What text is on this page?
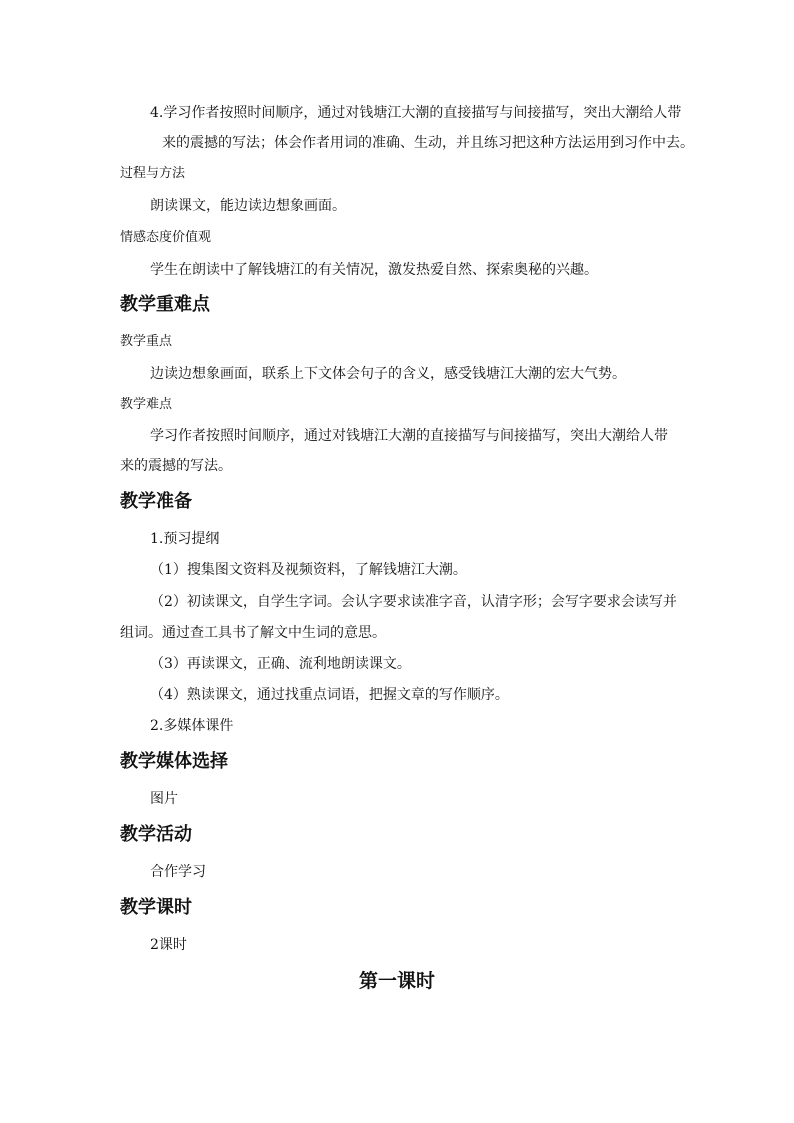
4.学习作者按照时间顺序，通过对钱塘江大潮的直接描写与间接描写，突出大潮给人带
来的震撼的写法；体会作者用词的准确、生动，并且练习把这种方法运用到习作中去。
过程与方法
朗读课文，能边读边想象画面。
情感态度价值观
学生在朗读中了解钱塘江的有关情况，激发热爱自然、探索奥秘的兴趣。
教学重难点
教学重点
边读边想象画面，联系上下文体会句子的含义，感受钱塘江大潮的宏大气势。
教学难点
学习作者按照时间顺序，通过对钱塘江大潮的直接描写与间接描写，突出大潮给人带
来的震撼的写法。
教学准备
1.预习提纲
（1）搜集图文资料及视频资料，了解钱塘江大潮。
（2）初读课文，自学生字词。会认字要求读准字音，认清字形；会写字要求会读写并
组词。通过查工具书了解文中生词的意思。
（3）再读课文，正确、流利地朗读课文。
（4）熟读课文，通过找重点词语，把握文章的写作顺序。
2.多媒体课件
教学媒体选择
图片
教学活动
合作学习
教学课时
2课时
第一课时
